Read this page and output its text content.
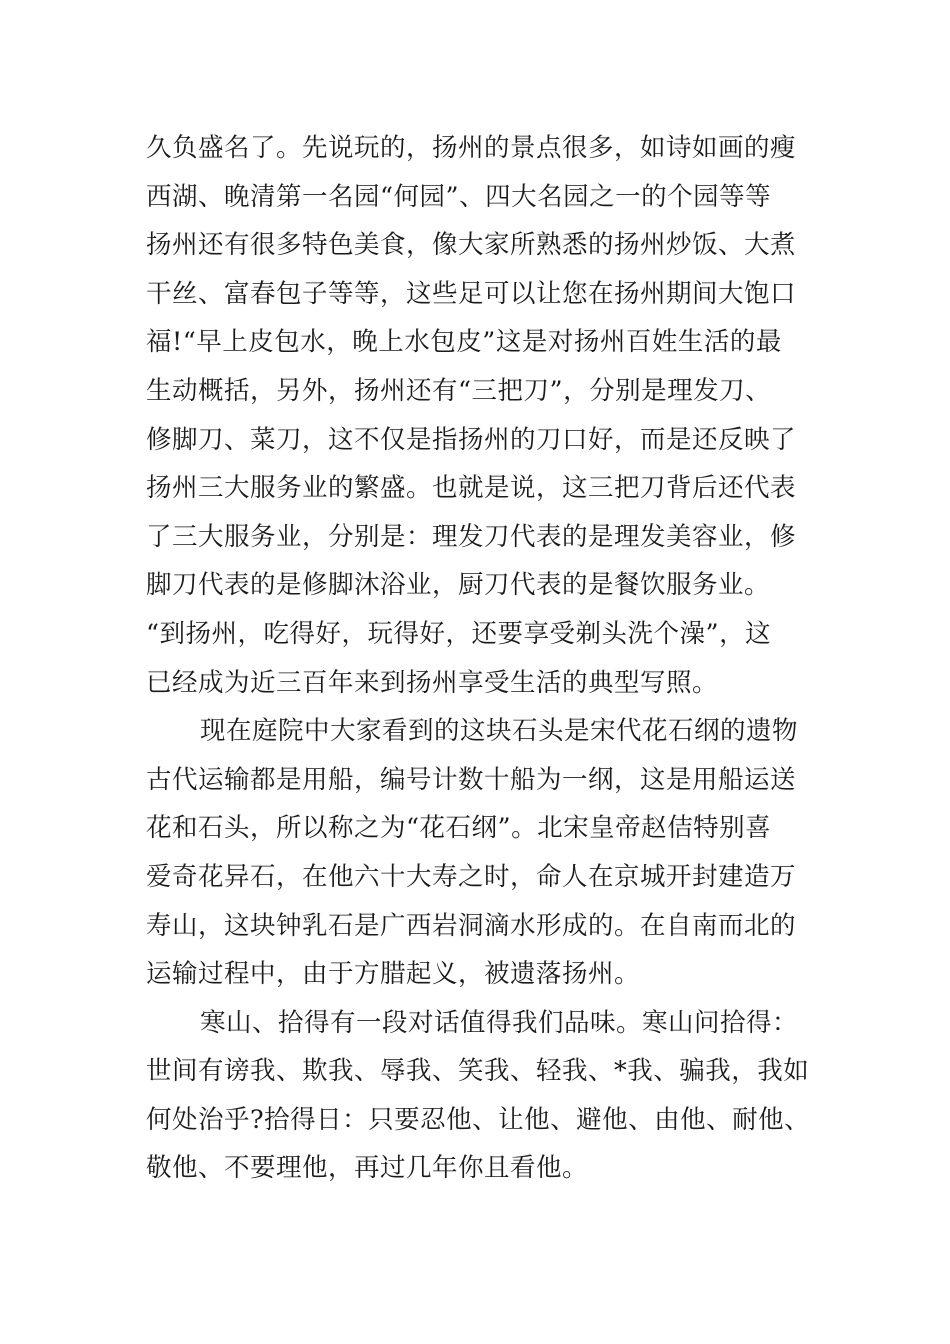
久负盛名了。先说玩的，扬州的景点很多，如诗如画的瘦
西湖、晚清第一名园“何园”、四大名园之一的个园等等
扬州还有很多特色美食，像大家所熟悉的扬州炒饭、大煮
干丝、富春包子等等，这些足可以让您在扬州期间大饱口
福!“早上皮包水，晚上水包皮”这是对扬州百姓生活的最
生动概括，另外，扬州还有“三把刀”，分别是理发刀、
修脚刀、菜刀，这不仅是指扬州的刀口好，而是还反映了
扬州三大服务业的繁盛。也就是说，这三把刀背后还代表
了三大服务业，分别是：理发刀代表的是理发美容业，修
脚刀代表的是修脚沐浴业，厨刀代表的是餐饮服务业。
“到扬州，吃得好，玩得好，还要享受剃头洗个澡”，这
已经成为近三百年来到扬州享受生活的典型写照。
现在庭院中大家看到的这块石头是宋代花石纲的遗物
古代运输都是用船，编号计数十船为一纲，这是用船运送
花和石头，所以称之为“花石纲”。北宋皇帝赵佶特别喜
爱奇花异石，在他六十大寿之时，命人在京城开封建造万
寿山，这块钟乳石是广西岩洞滴水形成的。在自南而北的
运输过程中，由于方腊起义，被遗落扬州。
寒山、拾得有一段对话值得我们品味。寒山问拾得：
世间有谤我、欺我、辱我、笑我、轻我、*我、骗我，我如
何处治乎?拾得日：只要忍他、让他、避他、由他、耐他、
敬他、不要理他，再过几年你且看他。
